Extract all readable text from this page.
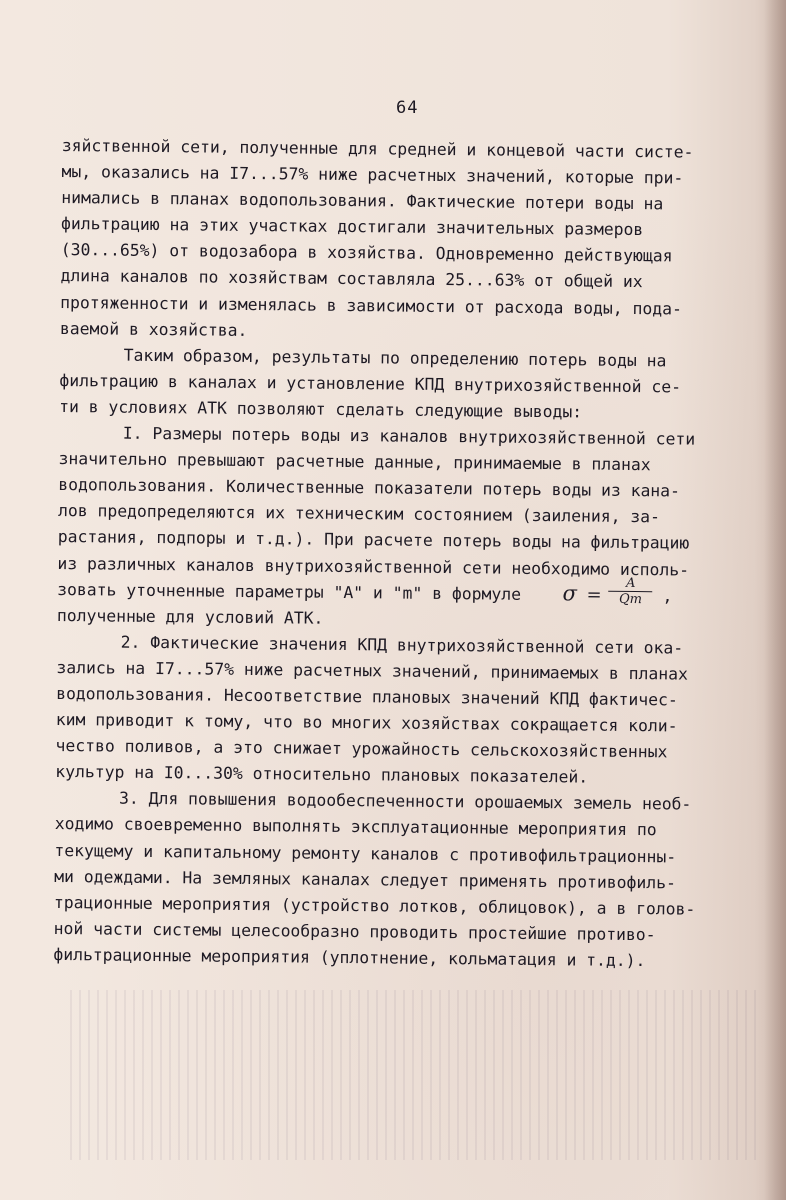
64
зяйственной сети, полученные для средней и концевой части систе-
мы, оказались на I7...57% ниже расчетных значений, которые при-
нимались в планах водопользования. Фактические потери воды на
фильтрацию на этих участках достигали значительных размеров
(30...65%) от водозабора в хозяйства. Одновременно действующая
длина каналов по хозяйствам составляла 25...63% от общей их
протяженности и изменялась в зависимости от расхода воды, пода-
ваемой в хозяйства.
Таким образом, результаты по определению потерь воды на
фильтрацию в каналах и установление КПД внутрихозяйственной се-
ти в условиях АТК позволяют сделать следующие выводы:
I. Размеры потерь воды из каналов внутрихозяйственной сети
значительно превышают расчетные данные, принимаемые в планах
водопользования. Количественные показатели потерь воды из кана-
лов предопределяются их техническим состоянием (заиления, за-
растания, подпоры и т.д.). При расчете потерь воды на фильтрацию
из различных каналов внутрихозяйственной сети необходимо исполь-
зовать уточненные параметры "А" и "m" в формуле σ =
A
Qm	,
полученные для условий АТК.
2. Фактические значения КПД внутрихозяйственной сети ока-
зались на I7...57% ниже расчетных значений, принимаемых в планах
водопользования. Несоответствие плановых значений КПД фактичес-
ким приводит к тому, что во многих хозяйствах сокращается коли-
чество поливов, а это снижает урожайность сельскохозяйственных
культур на I0...30% относительно плановых показателей.
3. Для повышения водообеспеченности орошаемых земель необ-
ходимо своевременно выполнять эксплуатационные мероприятия по
текущему и капитальному ремонту каналов с противофильтрационны-
ми одеждами. На земляных каналах следует применять противофиль-
трационные мероприятия (устройство лотков, облицовок), а в голов-
ной части системы целесообразно проводить простейшие противо-
фильтрационные мероприятия (уплотнение, кольматация и т.д.).
